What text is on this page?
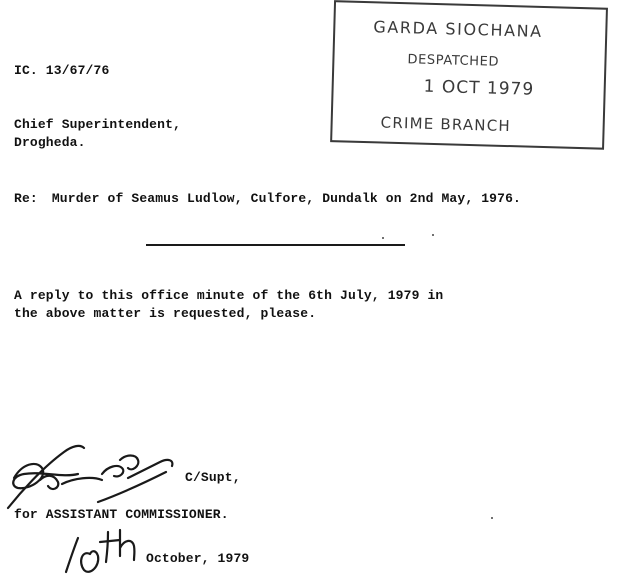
IC. 13/67/76
Chief Superintendent,
Drogheda.
Re: Murder of Seamus Ludlow, Culfore, Dundalk on 2nd May, 1976.
A reply to this office minute of the 6th July, 1979 in
the above matter is requested, please.
GARDA SIOCHANA
DESPATCHED
1 OCT 1979
CRIME BRANCH
C/Supt,
for ASSISTANT COMMISSIONER.
October, 1979
